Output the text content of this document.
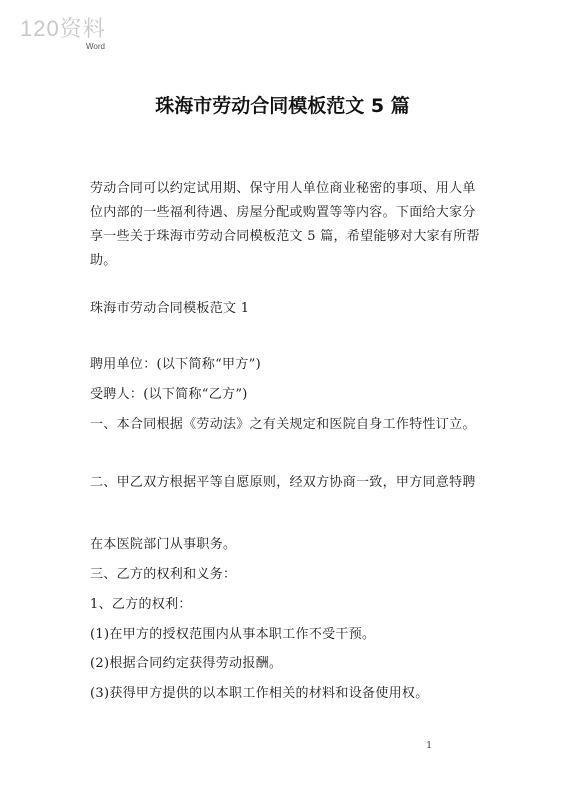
120资料
Word
珠海市劳动合同模板范文 5 篇

劳动合同可以约定试用期、保守用人单位商业秘密的事项、用人单位内部的一些福利待遇、房屋分配或购置等等内容。下面给大家分享一些关于珠海市劳动合同模板范文 5 篇，希望能够对大家有所帮助。

珠海市劳动合同模板范文 1

聘用单位：(以下简称“甲方”)

受聘人：(以下简称“乙方”)

一、本合同根据《劳动法》之有关规定和医院自身工作特性订立。

二、甲乙双方根据平等自愿原则，经双方协商一致，甲方同意特聘

在本医院部门从事职务。

三、乙方的权利和义务：

1、乙方的权利：

(1)在甲方的授权范围内从事本职工作不受干预。

(2)根据合同约定获得劳动报酬。

(3)获得甲方提供的以本职工作相关的材料和设备使用权。

1
